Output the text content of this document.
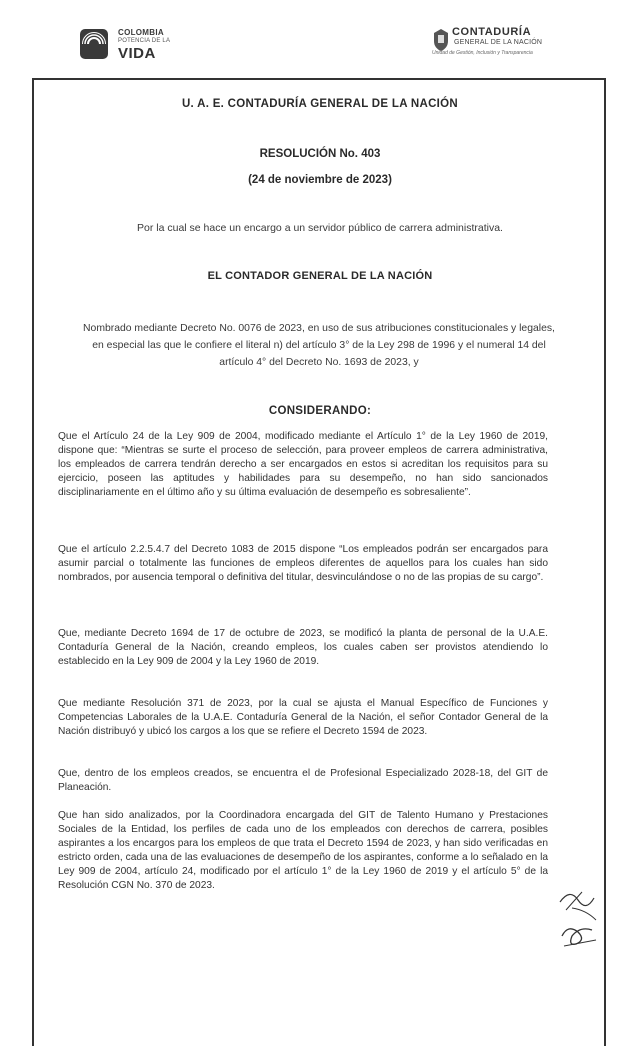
COLOMBIA
POTENCIA DE LA
VIDA
CONTADURÍA
GENERAL DE LA NACIÓN
Unidad de Gestión, Inclusión y Transparencia

U. A. E. CONTADURÍA GENERAL DE LA NACIÓN

RESOLUCIÓN No. 403

(24 de noviembre de 2023)

Por la cual se hace un encargo a un servidor público de carrera administrativa.

EL CONTADOR GENERAL DE LA NACIÓN

Nombrado mediante Decreto No. 0076 de 2023, en uso de sus atribuciones constitucionales y legales, en especial las que le confiere el literal n) del artículo 3° de la Ley 298 de 1996 y el numeral 14 del artículo 4° del Decreto No. 1693 de 2023, y

CONSIDERANDO:

Que el Artículo 24 de la Ley 909 de 2004, modificado mediante el Artículo 1° de la Ley 1960 de 2019, dispone que: “Mientras se surte el proceso de selección, para proveer empleos de carrera administrativa, los empleados de carrera tendrán derecho a ser encargados en estos si acreditan los requisitos para su ejercicio, poseen las aptitudes y habilidades para su desempeño, no han sido sancionados disciplinariamente en el último año y su última evaluación de desempeño es sobresaliente”.

Que el artículo 2.2.5.4.7 del Decreto 1083 de 2015 dispone “Los empleados podrán ser encargados para asumir parcial o totalmente las funciones de empleos diferentes de aquellos para los cuales han sido nombrados, por ausencia temporal o definitiva del titular, desvinculándose o no de las propias de su cargo”.

Que, mediante Decreto 1694 de 17 de octubre de 2023, se modificó la planta de personal de la U.A.E. Contaduría General de la Nación, creando empleos, los cuales caben ser provistos atendiendo lo establecido en la Ley 909 de 2004 y la Ley 1960 de 2019.

Que mediante Resolución 371 de 2023, por la cual se ajusta el Manual Específico de Funciones y Competencias Laborales de la U.A.E. Contaduría General de la Nación, el señor Contador General de la Nación distribuyó y ubicó los cargos a los que se refiere el Decreto 1594 de 2023.

Que, dentro de los empleos creados, se encuentra el de Profesional Especializado 2028-18, del GIT de Planeación.

Que han sido analizados, por la Coordinadora encargada del GIT de Talento Humano y Prestaciones Sociales de la Entidad, los perfiles de cada uno de los empleados con derechos de carrera, posibles aspirantes a los encargos para los empleos de que trata el Decreto 1594 de 2023, y han sido verificadas en estricto orden, cada una de las evaluaciones de desempeño de los aspirantes, conforme a lo señalado en la Ley 909 de 2004, artículo 24, modificado por el artículo 1° de la Ley 1960 de 2019 y el artículo 5° de la Resolución CGN No. 370 de 2023.
